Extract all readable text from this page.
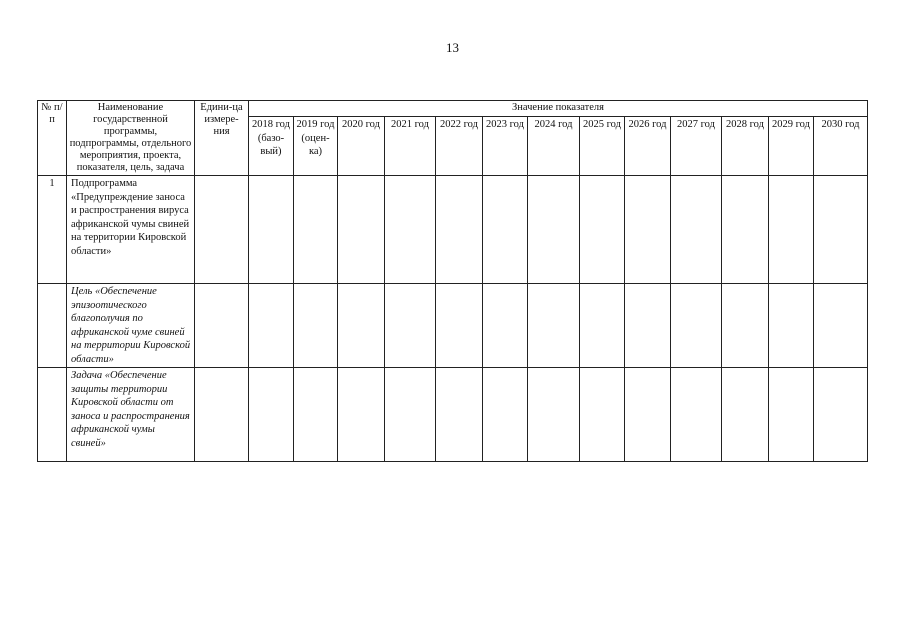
13
№ п/п	Наименование государственной программы, подпрограммы, отдельного мероприятия, проекта, показателя, цель, задача	Едини-ца измере-ния	Значение показателя												
			2018 год (базо-вый)	2019 год (оцен-ка)	2020 год	2021 год	2022 год	2023 год	2024 год	2025 год	2026 год	2027 год	2028 год	2029 год	2030 год
1	Подпрограмма «Предупреждение заноса и распространения вируса африканской чумы свиней на территории Кировской области»														
	Цель «Обеспечение эпизоотического благополучия по африканской чуме свиней на территории Кировской области»														
	Задача «Обеспечение защиты территории Кировской области от заноса и распространения африканской чумы свиней»														
